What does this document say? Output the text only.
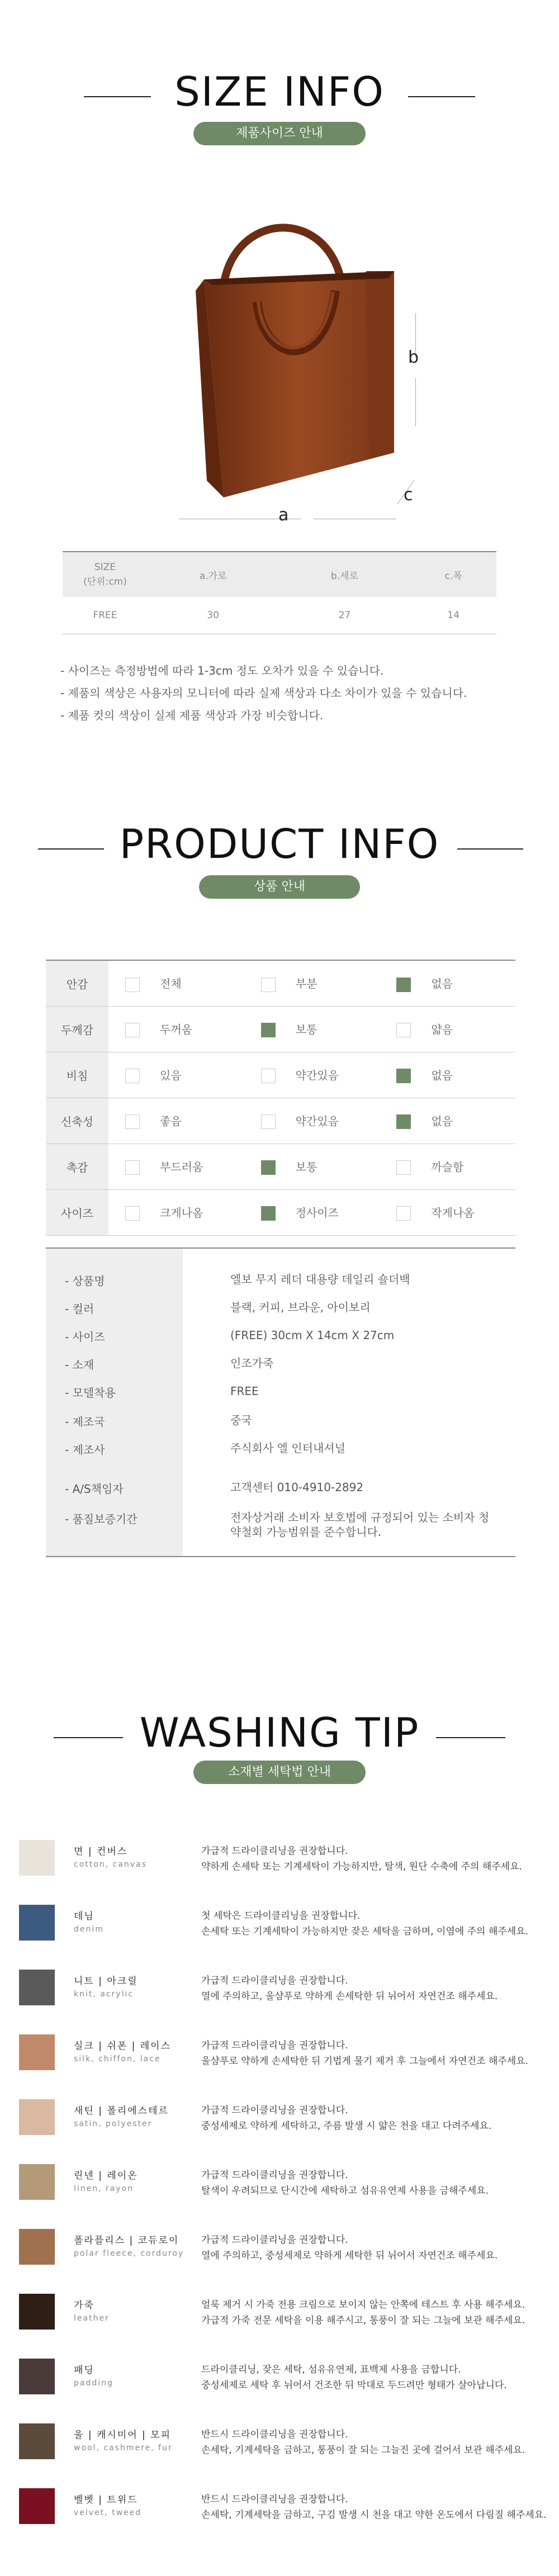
SIZE INFO
제품사이즈 안내
a
b
c
SIZE
(단위:cm)	a.가로	b.세로	c.폭
FREE	30	27	14
- 사이즈는 측정방법에 따라 1-3cm 정도 오차가 있을 수 있습니다.
- 제품의 색상은 사용자의 모니터에 따라 실제 색상과 다소 차이가 있을 수 있습니다.
- 제품 컷의 색상이 실제 제품 색상과 가장 비슷합니다.
PRODUCT INFO
상품 안내
안감	전체	부분	없음
두께감	두꺼움	보통	얇음
비침	있음	약간있음	없음
신축성	좋음	약간있음	없음
촉감	부드러움	보통	까슬함
사이즈	크게나옴	정사이즈	작게나옴
- 상품명	엘보 무지 레더 대용량 데일리 숄더백
- 컬러	블랙, 커피, 브라운, 아이보리
- 사이즈	(FREE) 30cm X 14cm X 27cm
- 소재	인조가죽
- 모델착용	FREE
- 제조국	중국
- 제조사	주식회사 엘 인터내셔널
- A/S책임자	고객센터 010-4910-2892
- 품질보증기간	전자상거래 소비자 보호법에 규정되어 있는 소비자 청약철회 가능범위를 준수합니다.
WASHING TIP
소재별 세탁법 안내
면 | 컨버스
cotton, canvas
가급적 드라이클리닝을 권장합니다.
약하게 손세탁 또는 기계세탁이 가능하지만, 탈색, 원단 수축에 주의 해주세요.
데님
denim
첫 세탁은 드라이클리닝을 권장합니다.
손세탁 또는 기계세탁이 가능하지만 잦은 세탁을 금하며, 이염에 주의 해주세요.
니트 | 아크릴
knit, acrylic
가급적 드라이클리닝을 권장합니다.
열에 주의하고, 울샴푸로 약하게 손세탁한 뒤 뉘어서 자연건조 해주세요.
실크 | 쉬폰 | 레이스
silk, chiffon, lace
가급적 드라이클리닝을 권장합니다.
울샴푸로 약하게 손세탁한 뒤 기법게 물기 제거 후 그늘에서 자연건조 해주세요.
새틴 | 폴리에스테르
satin, polyester
가급적 드라이클리닝을 권장합니다.
중성세제로 약하게 세탁하고, 주름 발생 시 얇은 천을 대고 다려주세요.
린넨 | 레이온
linen, rayon
가급적 드라이클리닝을 권장합니다.
탈색이 우려되므로 단시간에 세탁하고 섬유유연제 사용을 금해주세요.
폴라플리스 | 코듀로이
polar fleece, corduroy
가급적 드라이클리닝을 권장합니다.
열에 주의하고, 중성세제로 약하게 세탁한 뒤 뉘어서 자연건조 해주세요.
가죽
leather
얼룩 제거 시 가죽 전용 크림으로 보이지 않는 안쪽에 테스트 후 사용 해주세요.
가급적 가죽 전문 세탁을 이용 해주시고, 통풍이 잘 되는 그늘에 보관 해주세요.
패딩
padding
드라이클리닝, 잦은 세탁, 섬유유연제, 표백제 사용을 금합니다.
중성세제로 세탁 후 뉘어서 건조한 뒤 막대로 두드려만 형태가 살아납니다.
울 | 캐시미어 | 모피
wool, cashmere, fur
반드시 드라이클리닝을 권장합니다.
손세탁, 기계세탁을 금하고, 통풍이 잘 되는 그늘진 곳에 걸어서 보관 해주세요.
벨벳 | 트위드
velvet, tweed
반드시 드라이클리닝을 권장합니다.
손세탁, 기계세탁을 금하고, 구김 발생 시 천을 대고 약한 온도에서 다림질 해주세요.
